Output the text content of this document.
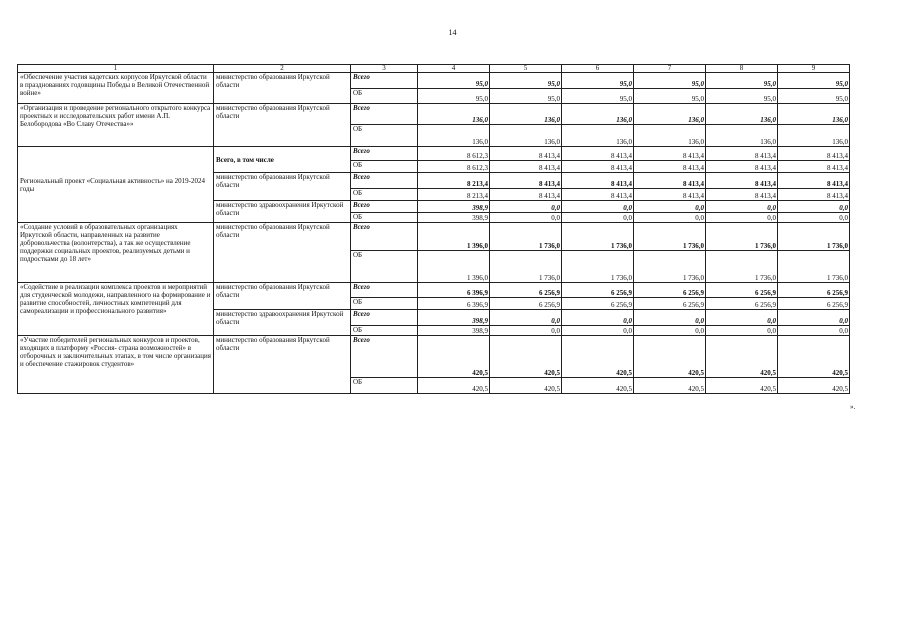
14
1	2	3	4	5	6	7	8	9
«Обеспечение участия кадетских корпусов Иркутской области в празднованиях годовщины Победы в Великой Отечественной войне»	министерство образования Иркутской области	Всего	95,0	95,0	95,0	95,0	95,0	95,0
		ОБ	95,0	95,0	95,0	95,0	95,0	95,0
«Организация и проведение регионального открытого конкурса проектных и исследовательских работ имени А.П. Белобородова «Во Славу Отечества»»	министерство образования Иркутской области	Всего	136,0	136,0	136,0	136,0	136,0	136,0
		ОБ	136,0	136,0	136,0	136,0	136,0	136,0
Региональный проект «Социальная активность» на 2019-2024 годы	Всего, в том числе	Всего	8 612,3	8 413,4	8 413,4	8 413,4	8 413,4	8 413,4
		ОБ	8 612,3	8 413,4	8 413,4	8 413,4	8 413,4	8 413,4
	министерство образования Иркутской области	Всего	8 213,4	8 413,4	8 413,4	8 413,4	8 413,4	8 413,4
		ОБ	8 213,4	8 413,4	8 413,4	8 413,4	8 413,4	8 413,4
	министерство здравоохранения Иркутской области	Всего	398,9	0,0	0,0	0,0	0,0	0,0
		ОБ	398,9	0,0	0,0	0,0	0,0	0,0
«Создание условий в образовательных организациях Иркутской области, направленных на развитие добровольчества (волонтерства), а так же осуществление поддержки социальных проектов, реализуемых детьми и подростками до 18 лет»	министерство образования Иркутской области	Всего	1 396,0	1 736,0	1 736,0	1 736,0	1 736,0	1 736,0
		ОБ	1 396,0	1 736,0	1 736,0	1 736,0	1 736,0	1 736,0
«Содействие в реализации комплекса проектов и мероприятий для студенческой молодежи, направленного на формирование и развитие способностей, личностных компетенций для самореализации и профессионального развития»	министерство образования Иркутской области	Всего	6 396,9	6 256,9	6 256,9	6 256,9	6 256,9	6 256,9
		ОБ	6 396,9	6 256,9	6 256,9	6 256,9	6 256,9	6 256,9
	министерство здравоохранения Иркутской области	Всего	398,9	0,0	0,0	0,0	0,0	0,0
		ОБ	398,9	0,0	0,0	0,0	0,0	0,0
«Участие победителей региональных конкурсов и проектов, входящих в платформу «Россия- страна возможностей» в отборочных и заключительных этапах, в том числе организация и обеспечение стажировок студентов»	министерство образования Иркутской области	Всего	420,5	420,5	420,5	420,5	420,5	420,5
		ОБ	420,5	420,5	420,5	420,5	420,5	420,5
».
